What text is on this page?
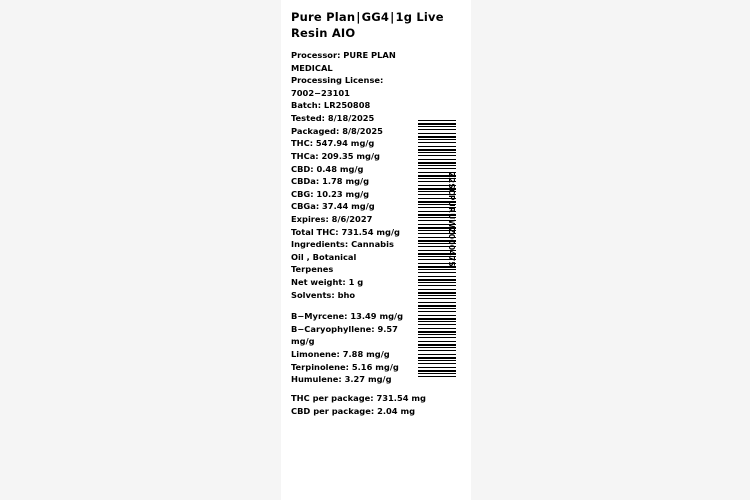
Pure Plan|GG4|1g Live Resin AIO
Processor: PURE PLAN MEDICAL
Processing License: 7002−23101
Batch: LR250808
Tested: 8/18/2025
Packaged: 8/8/2025
THC: 547.94 mg/g
THCa: 209.35 mg/g
CBD: 0.48 mg/g
CBDa: 1.78 mg/g
CBG: 10.23 mg/g
CBGa: 37.44 mg/g
Expires: 8/6/2027
Total THC: 731.54 mg/g
Ingredients: Cannabis Oil , Botanical Terpenes
Net weight: 1 g
Solvents: bho
B−Myrcene: 13.49 mg/g
B−Caryophyllene: 9.57 mg/g
Limonene: 7.88 mg/g
Terpinolene: 5.16 mg/g
Humulene: 3.27 mg/g
THC per package: 731.54 mg
CBD per package: 2.04 mg
Z2SCPURUWZ000475
